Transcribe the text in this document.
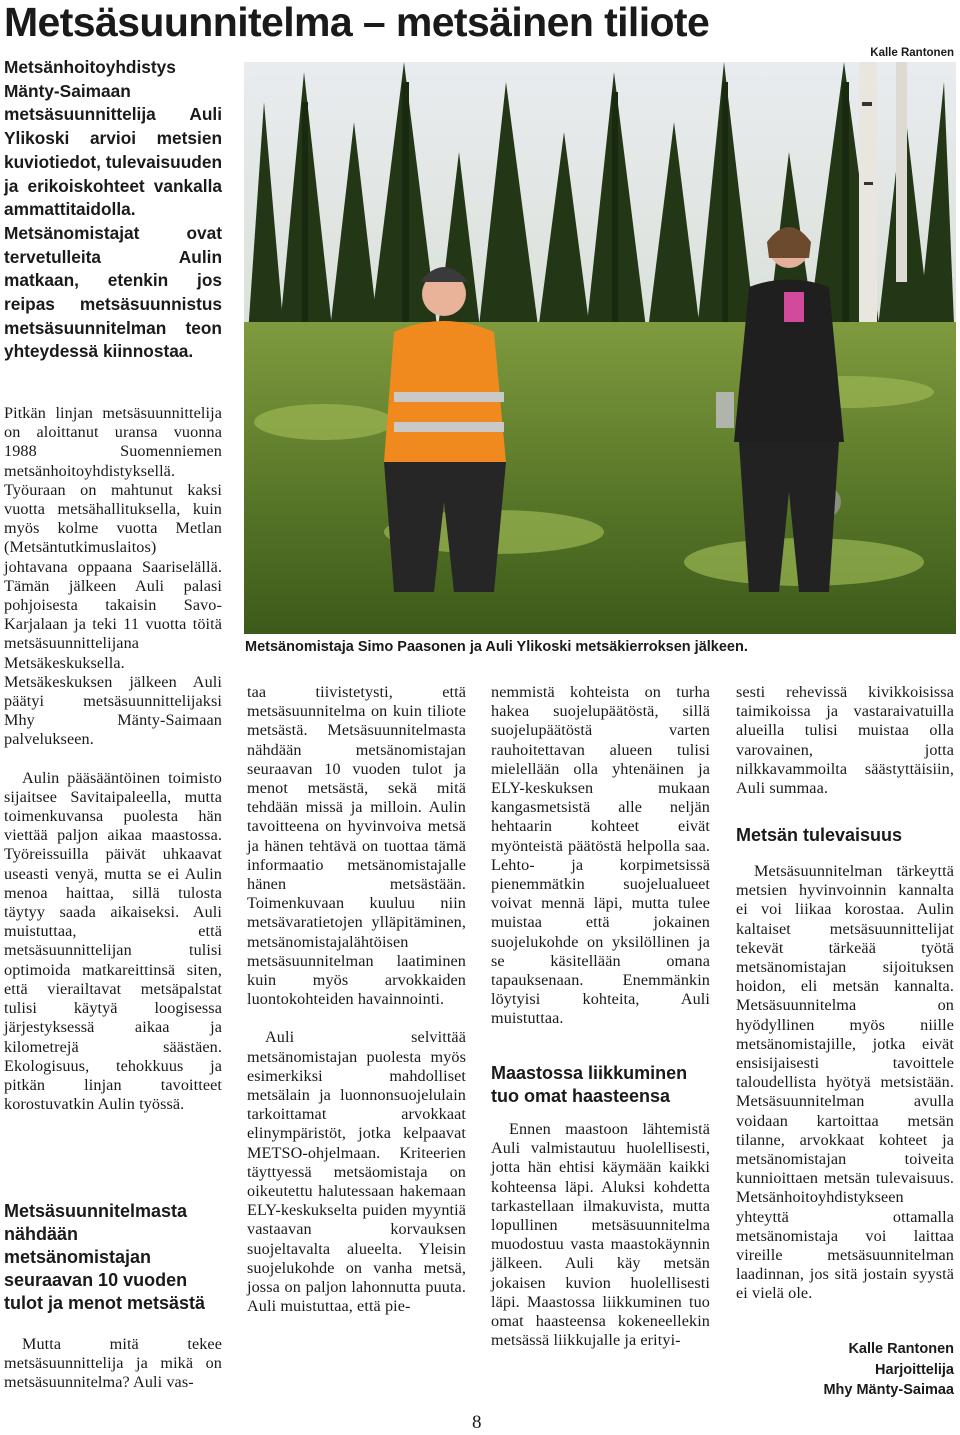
Metsäsuunnitelma – metsäinen tiliote
Metsänhoitoyhdistys Mänty-Saimaan metsäsuunnittelija Auli Ylikoski arvioi metsien kuviotiedot, tulevaisuuden ja erikoiskohteet vankalla ammattitaidolla. Metsänomistajat ovat tervetulleita Aulin matkaan, etenkin jos reipas metsäsuunnistus metsäsuunnitelman teon yhteydessä kiinnostaa.
Kalle Rantonen
Metsänomistaja Simo Paasonen ja Auli Ylikoski metsäkierroksen jälkeen.

Pitkän linjan metsäsuunnittelija on aloittanut uransa vuonna 1988 Suomenniemen metsänhoitoyhdistyksellä. Työuraan on mahtunut kaksi vuotta metsähallituksella, kuin myös kolme vuotta Metlan (Metsäntutkimuslaitos) johtavana oppaana Saariselällä. Tämän jälkeen Auli palasi pohjoisesta takaisin Savo-Karjalaan ja teki 11 vuotta töitä metsäsuunnittelijana Metsäkeskuksella. Metsäkeskuksen jälkeen Auli päätyi metsäsuunnittelijaksi Mhy Mänty-Saimaan palvelukseen.

Aulin pääsääntöinen toimisto sijaitsee Savitaipaleella, mutta toimenkuvansa puolesta hän viettää paljon aikaa maastossa. Työreissuilla päivät uhkaavat useasti venyä, mutta se ei Aulin menoa haittaa, sillä tulosta täytyy saada aikaiseksi. Auli muistuttaa, että metsäsuunnittelijan tulisi optimoida matkareittinsä siten, että vierailtavat metsäpalstat tulisi käytyä loogisessa järjestyksessä aikaa ja kilometrejä säästäen. Ekologisuus, tehokkuus ja pitkän linjan tavoitteet korostuvatkin Aulin työssä.

Metsäsuunnitelmasta nähdään metsänomistajan seuraavan 10 vuoden tulot ja menot metsästä

Mutta mitä tekee metsäsuunnittelija ja mikä on metsäsuunnitelma? Auli vas-

taa tiivistetysti, että metsäsuunnitelma on kuin tiliote metsästä. Metsäsuunnitelmasta nähdään metsänomistajan seuraavan 10 vuoden tulot ja menot metsästä, sekä mitä tehdään missä ja milloin. Aulin tavoitteena on hyvinvoiva metsä ja hänen tehtävä on tuottaa tämä informaatio metsänomistajalle hänen metsästään. Toimenkuvaan kuuluu niin metsävaratietojen ylläpitäminen, metsänomistajalähtöisen metsäsuunnitelman laatiminen kuin myös arvokkaiden luontokohteiden havainnointi.

Auli selvittää metsänomistajan puolesta myös esimerkiksi mahdolliset metsälain ja luonnonsuojelulain tarkoittamat arvokkaat elinympäristöt, jotka kelpaavat METSO-ohjelmaan. Kriteerien täyttyessä metsäomistaja on oikeutettu halutessaan hakemaan ELY-keskukselta puiden myyntiä vastaavan korvauksen suojeltavalta alueelta. Yleisin suojelukohde on vanha metsä, jossa on paljon lahonnutta puuta. Auli muistuttaa, että pie-

nemmistä kohteista on turha hakea suojelupäätöstä, sillä suojelupäätöstä varten rauhoitettavan alueen tulisi mielellään olla yhtenäinen ja ELY-keskuksen mukaan kangasmetsistä alle neljän hehtaarin kohteet eivät myönteistä päätöstä helpolla saa. Lehto- ja korpimetsissä pienemmätkin suojelualueet voivat mennä läpi, mutta tulee muistaa että jokainen suojelukohde on yksilöllinen ja se käsitellään omana tapauksenaan. Enemmänkin löytyisi kohteita, Auli muistuttaa.

Maastossa liikkuminen tuo omat haasteensa

Ennen maastoon lähtemistä Auli valmistautuu huolellisesti, jotta hän ehtisi käymään kaikki kohteensa läpi. Aluksi kohdetta tarkastellaan ilmakuvista, mutta lopullinen metsäsuunnitelma muodostuu vasta maastokäynnin jälkeen. Auli käy metsän jokaisen kuvion huolellisesti läpi. Maastossa liikkuminen tuo omat haasteensa kokeneellekin metsässä liikkujalle ja erityi-

sesti rehevissä kivikkoisissa taimikoissa ja vastaraivatuilla alueilla tulisi muistaa olla varovainen, jotta nilkkavammoilta säästyttäisiin, Auli summaa.

Metsän tulevaisuus

Metsäsuunnitelman tärkeyttä metsien hyvinvoinnin kannalta ei voi liikaa korostaa. Aulin kaltaiset metsäsuunnittelijat tekevät tärkeää työtä metsänomistajan sijoituksen hoidon, eli metsän kannalta. Metsäsuunnitelma on hyödyllinen myös niille metsänomistajille, jotka eivät ensisijaisesti tavoittele taloudellista hyötyä metsistään. Metsäsuunnitelman avulla voidaan kartoittaa metsän tilanne, arvokkaat kohteet ja metsänomistajan toiveita kunnioittaen metsän tulevaisuus. Metsänhoitoyhdistykseen yhteyttä ottamalla metsänomistaja voi laittaa vireille metsäsuunnitelman laadinnan, jos sitä jostain syystä ei vielä ole.

Kalle Rantonen
Harjoittelija
Mhy Mänty-Saimaa
8
